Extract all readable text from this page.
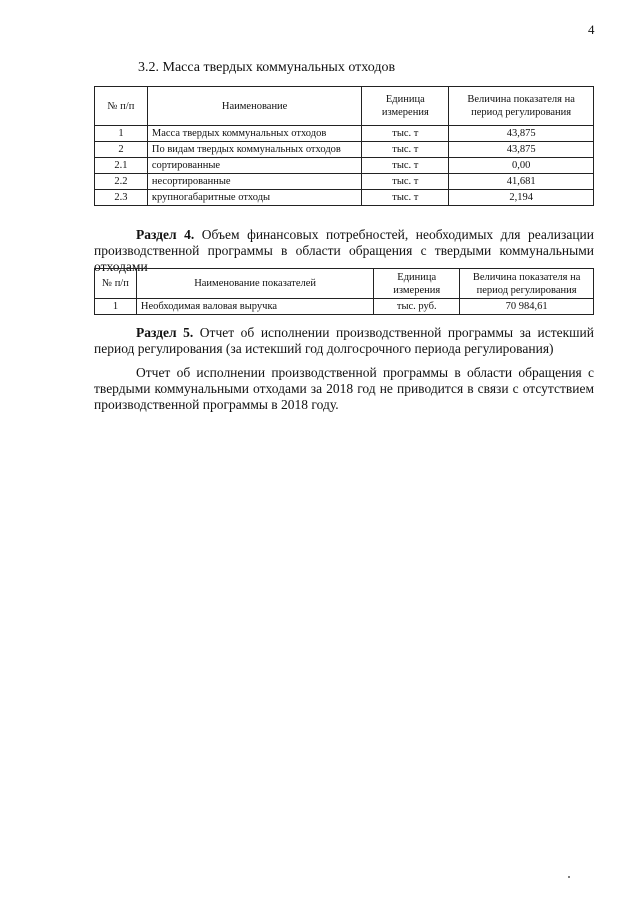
4
3.2. Масса твердых коммунальных отходов
№ п/п	Наименование	Единица измерения	Величина показателя на период регулирования
1	Масса твердых коммунальных отходов	тыс. т	43,875
2	По видам твердых коммунальных отходов	тыс. т	43,875
2.1	сортированные	тыс. т	0,00
2.2	несортированные	тыс. т	41,681
2.3	крупногабаритные отходы	тыс. т	2,194

Раздел 4. Объем финансовых потребностей, необходимых для реализации производственной программы в области обращения с твердыми коммунальными отходами

№ п/п	Наименование показателей	Единица измерения	Величина показателя на период регулирования
1	Необходимая валовая выручка	тыс. руб.	70 984,61

Раздел 5. Отчет об исполнении производственной программы за истекший период регулирования (за истекший год долгосрочного периода регулирования)

Отчет об исполнении производственной программы в области обращения с твердыми коммунальными отходами за 2018 год не приводится в связи с отсутствием производственной программы в 2018 году.
